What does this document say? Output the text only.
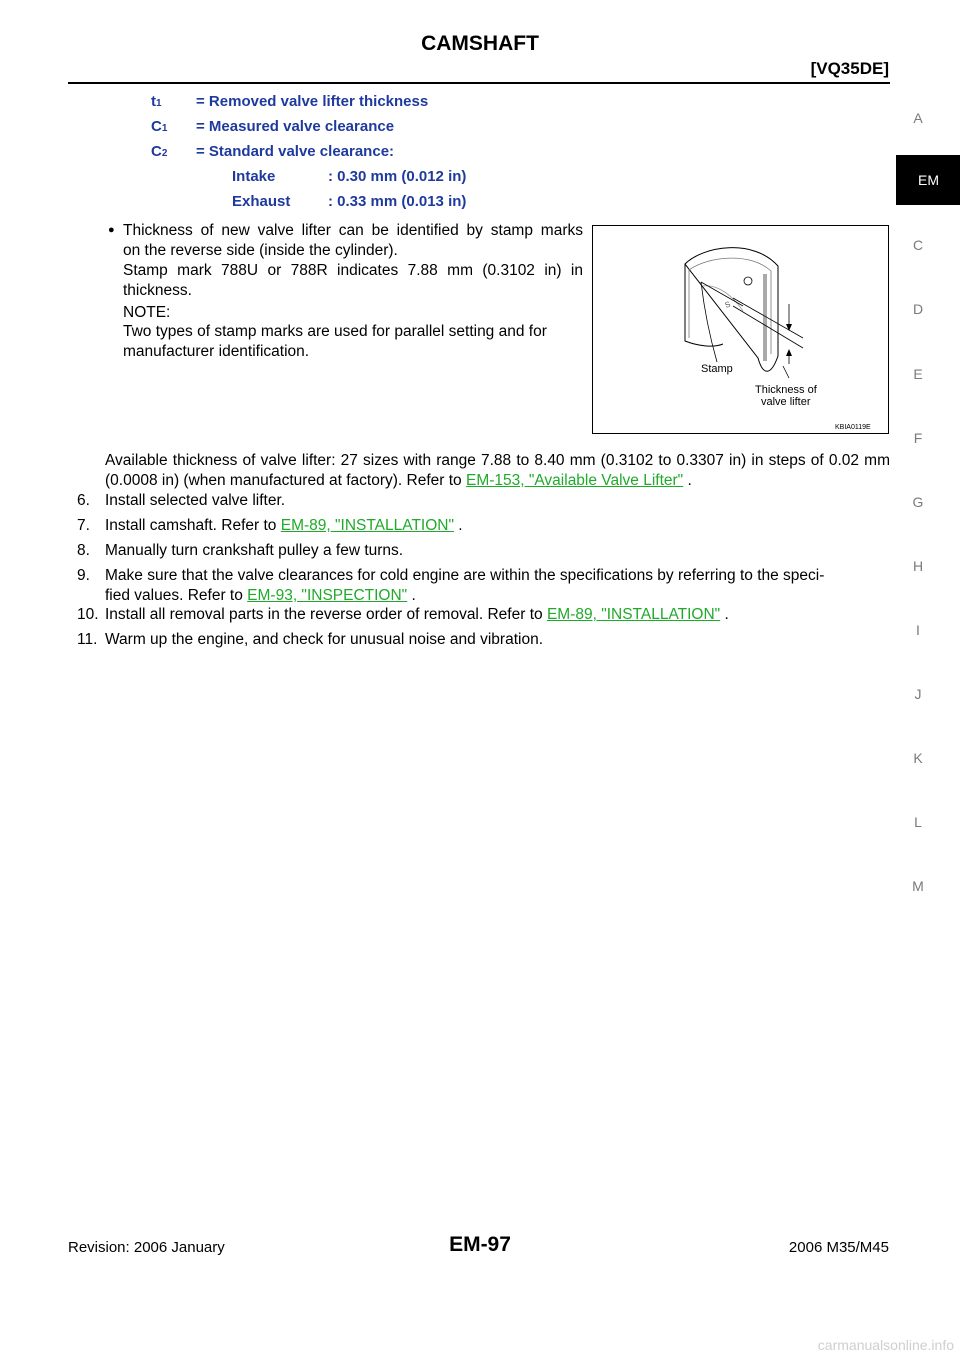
CAMSHAFT
[VQ35DE]
t1 = Removed valve lifter thickness
C1 = Measured valve clearance
C2 = Standard valve clearance:
Intake	: 0.30 mm (0.012 in)
Exhaust	: 0.33 mm (0.013 in)
● Thickness of new valve lifter can be identified by stamp marks
on the reverse side (inside the cylinder).
Stamp mark 788U or 788R indicates 7.88 mm (0.3102 in) in
thickness.
NOTE:
Two types of stamp marks are used for parallel setting and for manufacturer identification.
S
Stamp
Thickness of
valve lifter
KBIA0119E
Available thickness of valve lifter: 27 sizes with range 7.88 to 8.40 mm (0.3102 to 0.3307 in) in steps of 0.02 mm (0.0008 in) (when manufactured at factory). Refer to EM-153, "Available Valve Lifter" .
6. Install selected valve lifter.
7. Install camshaft. Refer to EM-89, "INSTALLATION" .
8. Manually turn crankshaft pulley a few turns.
9. Make sure that the valve clearances for cold engine are within the specifications by referring to the speci-
fied values. Refer to EM-93, "INSPECTION" .
10. Install all removal parts in the reverse order of removal. Refer to EM-89, "INSTALLATION" .
11. Warm up the engine, and check for unusual noise and vibration.
A
EM
C
D
E
F
G
H
I
J
K
L
M
Revision: 2006 January	EM-97	2006 M35/M45
carmanualsonline.info
